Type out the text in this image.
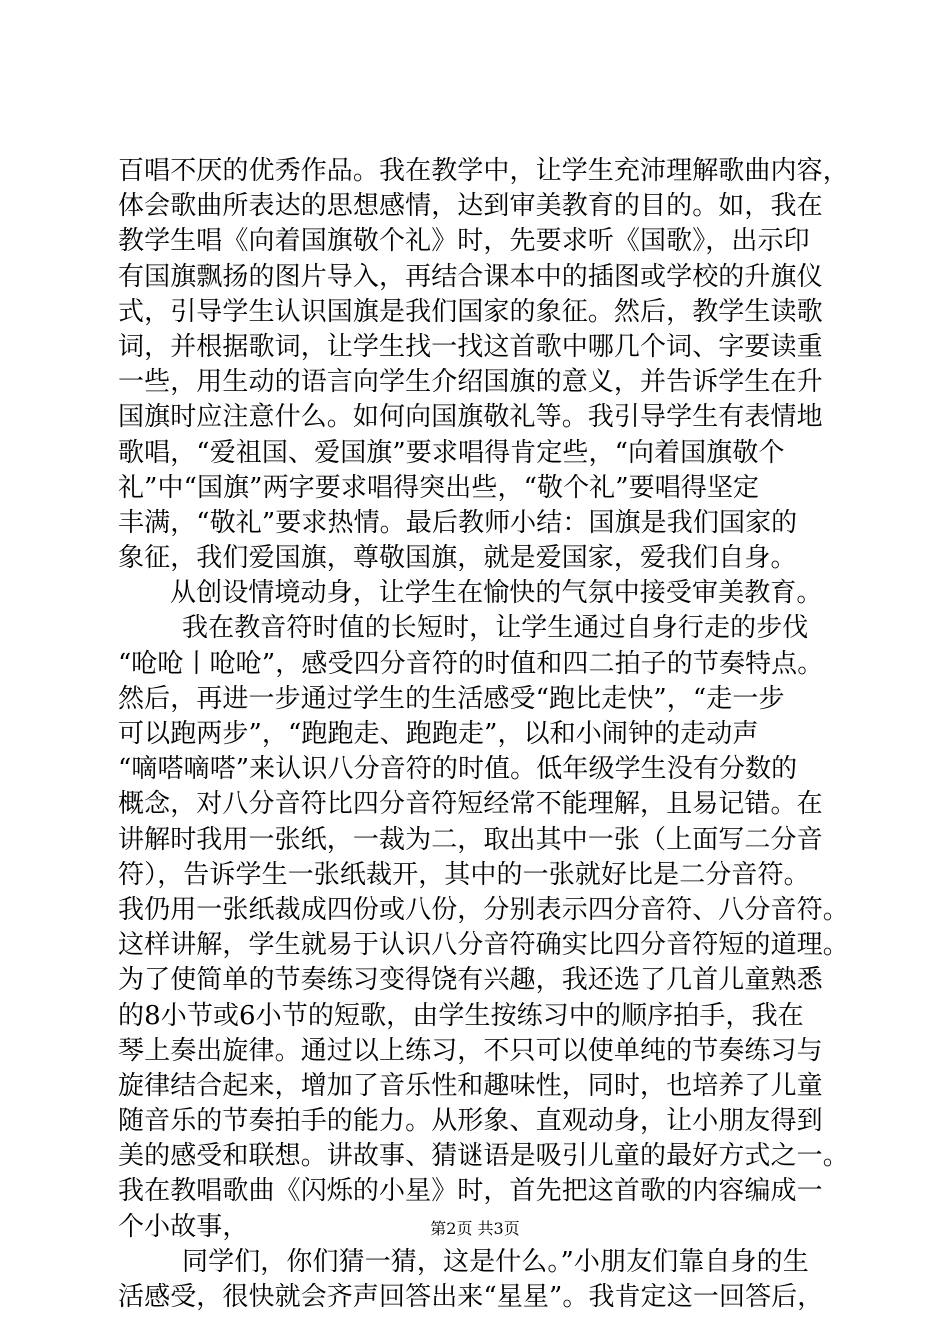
百唱不厌的优秀作品。我在教学中，让学生充沛理解歌曲内容，
体会歌曲所表达的思想感情，达到审美教育的目的。如，我在
教学生唱《向着国旗敬个礼》时，先要求听《国歌》，出示印
有国旗飘扬的图片导入，再结合课本中的插图或学校的升旗仪
式，引导学生认识国旗是我们国家的象征。然后，教学生读歌
词，并根据歌词，让学生找一找这首歌中哪几个词、字要读重
一些，用生动的语言向学生介绍国旗的意义，并告诉学生在升
国旗时应注意什么。如何向国旗敬礼等。我引导学生有表情地
歌唱，“爱祖国、爱国旗”要求唱得肯定些，“向着国旗敬个
礼”中“国旗”两字要求唱得突出些，“敬个礼”要唱得坚定
丰满，“敬礼”要求热情。最后教师小结：国旗是我们国家的
象征，我们爱国旗，尊敬国旗，就是爱国家，爱我们自身。
从创设情境动身，让学生在愉快的气氛中接受审美教育。
我在教音符时值的长短时，让学生通过自身行走的步伐
“呛呛丨呛呛”，感受四分音符的时值和四二拍子的节奏特点。
然后，再进一步通过学生的生活感受“跑比走快”，“走一步
可以跑两步”，“跑跑走、跑跑走”，以和小闹钟的走动声
“嘀嗒嘀嗒”来认识八分音符的时值。低年级学生没有分数的
概念，对八分音符比四分音符短经常不能理解，且易记错。在
讲解时我用一张纸，一裁为二，取出其中一张（上面写二分音
符），告诉学生一张纸裁开，其中的一张就好比是二分音符。
我仍用一张纸裁成四份或八份，分别表示四分音符、八分音符。
这样讲解，学生就易于认识八分音符确实比四分音符短的道理。
为了使简单的节奏练习变得饶有兴趣，我还选了几首儿童熟悉
的8小节或6小节的短歌，由学生按练习中的顺序拍手，我在
琴上奏出旋律。通过以上练习，不只可以使单纯的节奏练习与
旋律结合起来，增加了音乐性和趣味性，同时，也培养了儿童
随音乐的节奏拍手的能力。从形象、直观动身，让小朋友得到
美的感受和联想。讲故事、猜谜语是吸引儿童的最好方式之一。
我在教唱歌曲《闪烁的小星》时，首先把这首歌的内容编成一
个小故事，
同学们，你们猜一猜，这是什么。”小朋友们靠自身的生
活感受，很快就会齐声回答出来“星星”。我肯定这一回答后，
第2页 共3页
